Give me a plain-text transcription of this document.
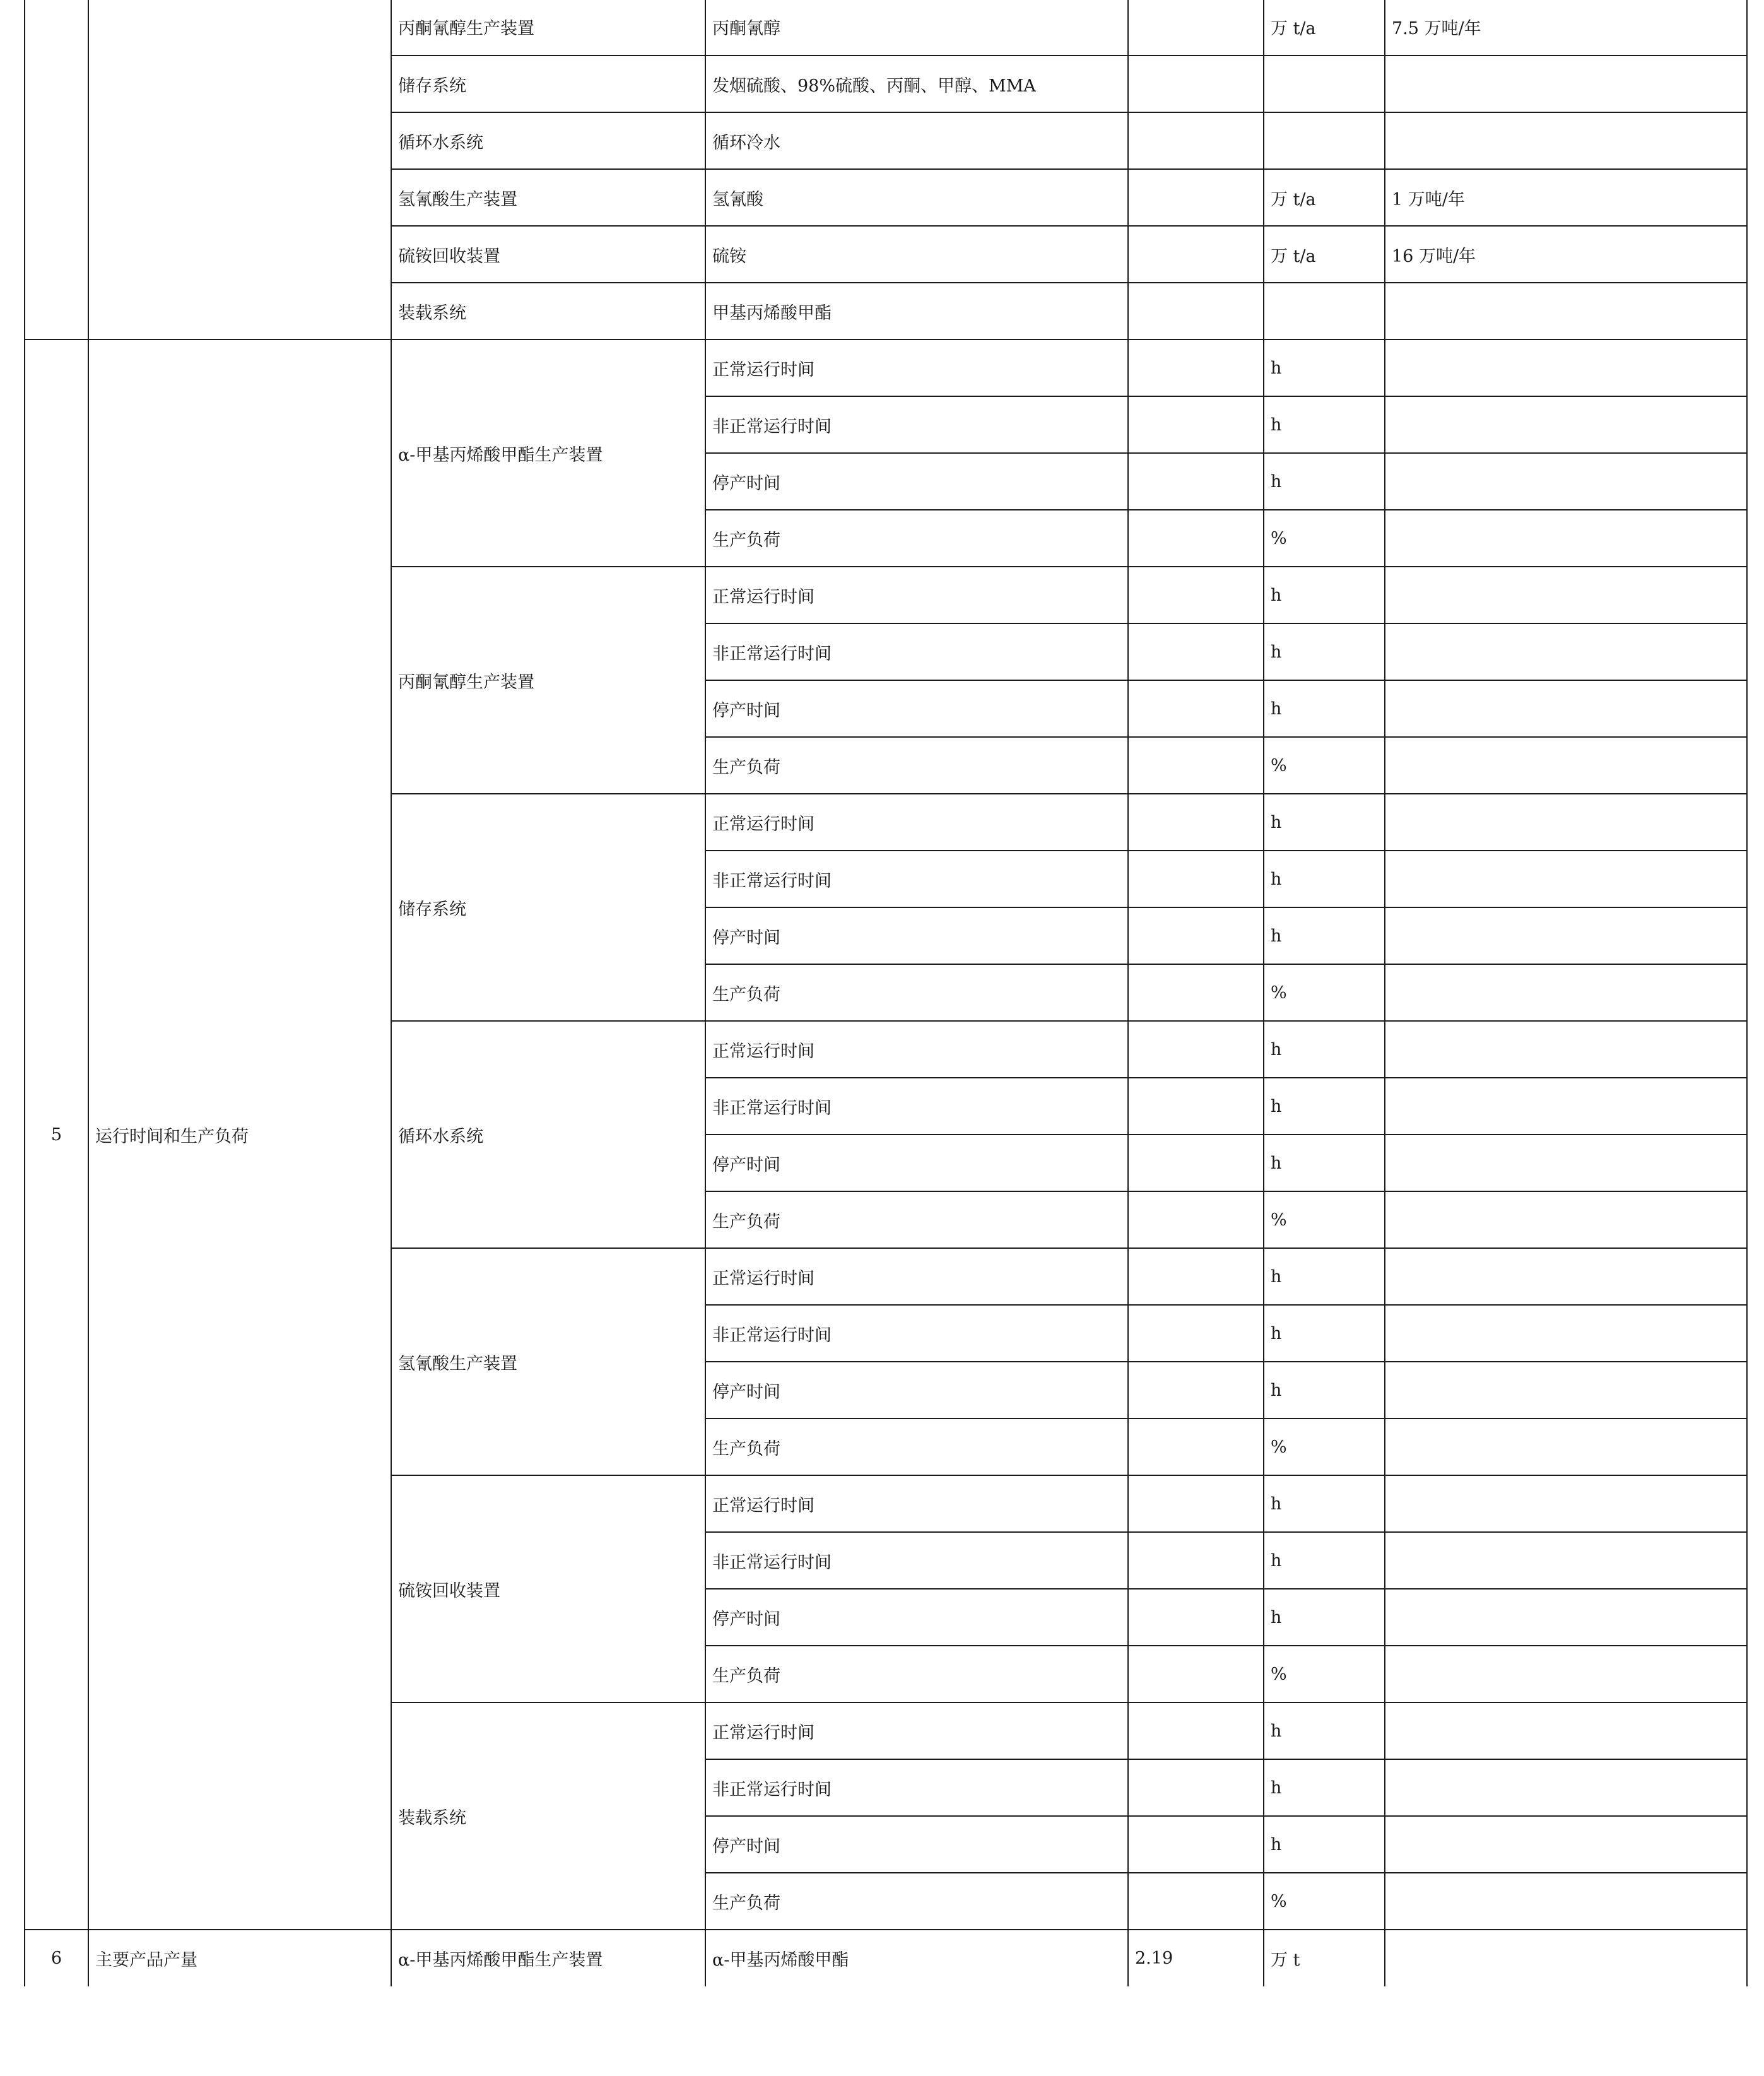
		丙酮氰醇生产装置	丙酮氰醇		万 t/a	7.5 万吨/年
		储存系统	发烟硫酸、98%硫酸、丙酮、甲醇、MMA			
		循环水系统	循环冷水			
		氢氰酸生产装置	氢氰酸		万 t/a	1 万吨/年
		硫铵回收装置	硫铵		万 t/a	16 万吨/年
		装载系统	甲基丙烯酸甲酯			
5	运行时间和生产负荷	α-甲基丙烯酸甲酯生产装置	正常运行时间		h	
			非正常运行时间		h	
			停产时间		h	
			生产负荷		%	
		丙酮氰醇生产装置	正常运行时间		h	
			非正常运行时间		h	
			停产时间		h	
			生产负荷		%	
		储存系统	正常运行时间		h	
			非正常运行时间		h	
			停产时间		h	
			生产负荷		%	
		循环水系统	正常运行时间		h	
			非正常运行时间		h	
			停产时间		h	
			生产负荷		%	
		氢氰酸生产装置	正常运行时间		h	
			非正常运行时间		h	
			停产时间		h	
			生产负荷		%	
		硫铵回收装置	正常运行时间		h	
			非正常运行时间		h	
			停产时间		h	
			生产负荷		%	
		装载系统	正常运行时间		h	
			非正常运行时间		h	
			停产时间		h	
			生产负荷		%	
6	主要产品产量	α-甲基丙烯酸甲酯生产装置	α-甲基丙烯酸甲酯	2.19	万 t	
